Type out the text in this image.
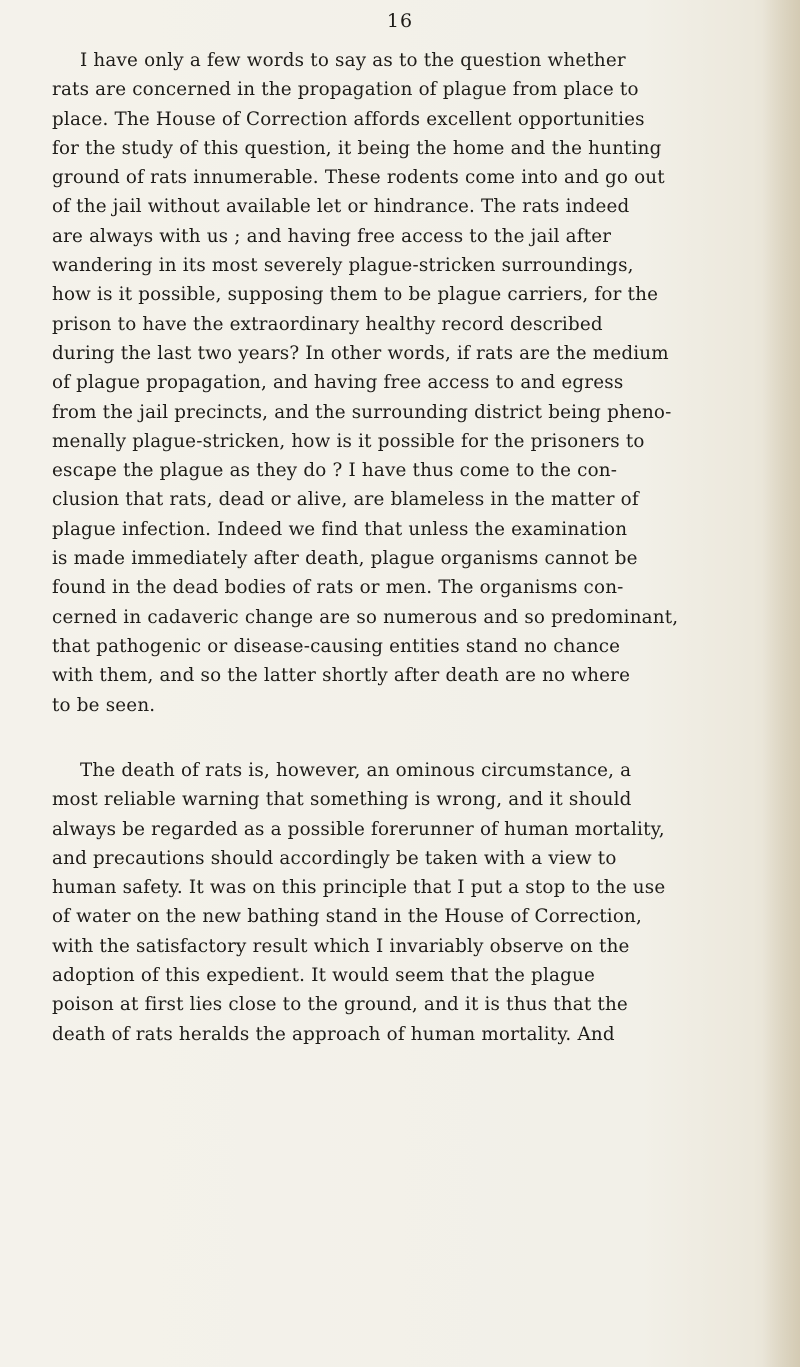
16
I have only a few words to say as to the question whether
rats are concerned in the propagation of plague from place to
place. The House of Correction affords excellent opportunities
for the study of this question, it being the home and the hunting
ground of rats innumerable. These rodents come into and go out
of the jail without available let or hindrance. The rats indeed
are always with us ; and having free access to the jail after
wandering in its most severely plague-stricken surroundings,
how is it possible, supposing them to be plague carriers, for the
prison to have the extraordinary healthy record described
during the last two years? In other words, if rats are the medium
of plague propagation, and having free access to and egress
from the jail precincts, and the surrounding district being pheno-
menally plague-stricken, how is it possible for the prisoners to
escape the plague as they do ? I have thus come to the con-
clusion that rats, dead or alive, are blameless in the matter of
plague infection. Indeed we find that unless the examination
is made immediately after death, plague organisms cannot be
found in the dead bodies of rats or men. The organisms con-
cerned in cadaveric change are so numerous and so predominant,
that pathogenic or disease-causing entities stand no chance
with them, and so the latter shortly after death are no where
to be seen.
The death of rats is, however, an ominous circumstance, a
most reliable warning that something is wrong, and it should
always be regarded as a possible forerunner of human mortality,
and precautions should accordingly be taken with a view to
human safety. It was on this principle that I put a stop to the use
of water on the new bathing stand in the House of Correction,
with the satisfactory result which I invariably observe on the
adoption of this expedient. It would seem that the plague
poison at first lies close to the ground, and it is thus that the
death of rats heralds the approach of human mortality. And
